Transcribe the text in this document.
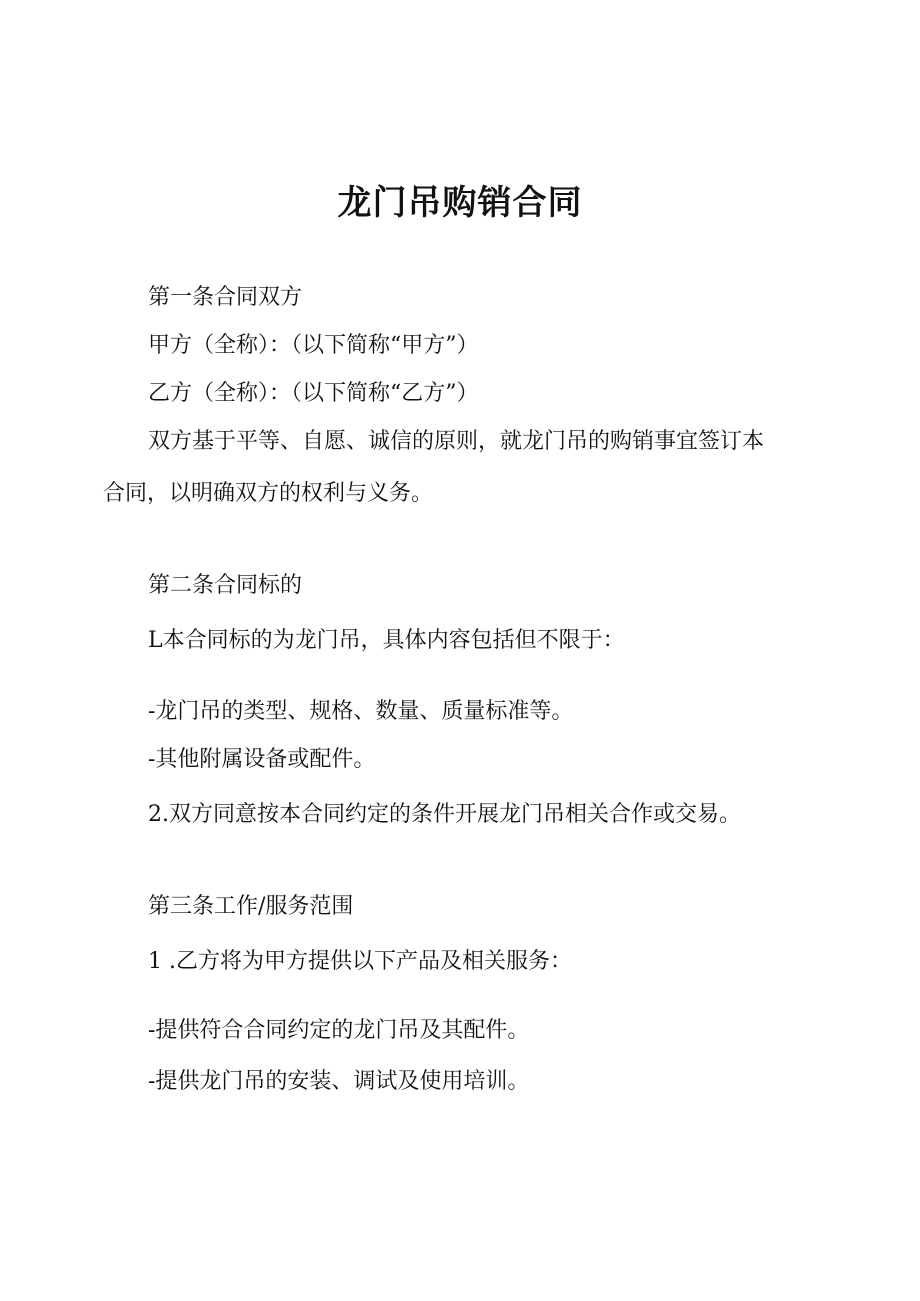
龙门吊购销合同
第一条合同双方
甲方（全称）：（以下简称“甲方”）
乙方（全称）：（以下简称“乙方”）
双方基于平等、自愿、诚信的原则，就龙门吊的购销事宜签订本
合同，以明确双方的权利与义务。
第二条合同标的
L本合同标的为龙门吊，具体内容包括但不限于：
-龙门吊的类型、规格、数量、质量标准等。
-其他附属设备或配件。
2.双方同意按本合同约定的条件开展龙门吊相关合作或交易。
第三条工作/服务范围
1 .乙方将为甲方提供以下产品及相关服务：
-提供符合合同约定的龙门吊及其配件。
-提供龙门吊的安装、调试及使用培训。
